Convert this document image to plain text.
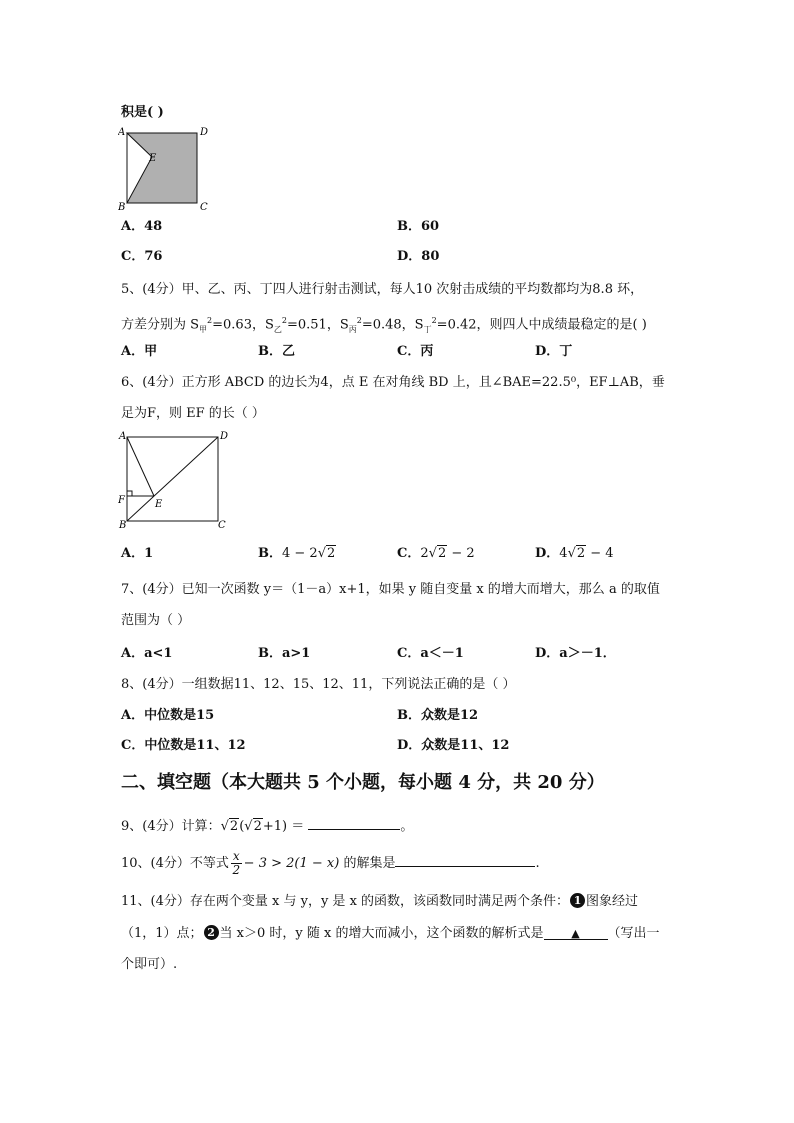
积是( )
A	D
E
B	C
A．48	B．60
C．76	D．80
5、(4分）甲、乙、丙、丁四人进行射击测试，每人10 次射击成绩的平均数都均为8.8 环，
方差分别为 $S_甲^2=0.63$，$S_乙^2=0.51$，$S_丙^2=0.48$，$S_丁^2=0.42$，则四人中成绩最稳定的是( )
A．甲	B．乙	C．丙	D．丁
6、(4分）正方形 ABCD 的边长为4，点 E 在对角线 BD 上，且∠BAE=22.5⁰，EF⊥AB，垂
足为F，则 EF 的长（ ）
A	D
F	E
B	C
A．1	B．4 − 2√2	C．2√2 − 2	D．4√2 − 4
7、(4分）已知一次函数 y＝（1－a）x+1，如果 y 随自变量 x 的增大而增大，那么 a 的取值
范围为（ ）
A．a<1	B．a>1	C．a＜－1	D．a＞－1．
8、(4分）一组数据11、12、15、12、11，下列说法正确的是（ ）
A．中位数是15	B．众数是12
C．中位数是11、12	D．众数是11、12
二、填空题（本大题共 5 个小题，每小题 4 分，共 20 分）
9、(4分）计算：√2(√2+1) ＝	。
10、(4分）不等式 $\frac{x}{2} - 3 > 2(1 - x)$ 的解集是	.
11、(4分）存在两个变量 x 与 y，y 是 x 的函数，该函数同时满足两个条件： 1 图象经过
（1，1）点； 2 当 x＞0 时，y 随 x 的增大而减小，这个函数的解析式是	▲ （写出一
个即可）.
